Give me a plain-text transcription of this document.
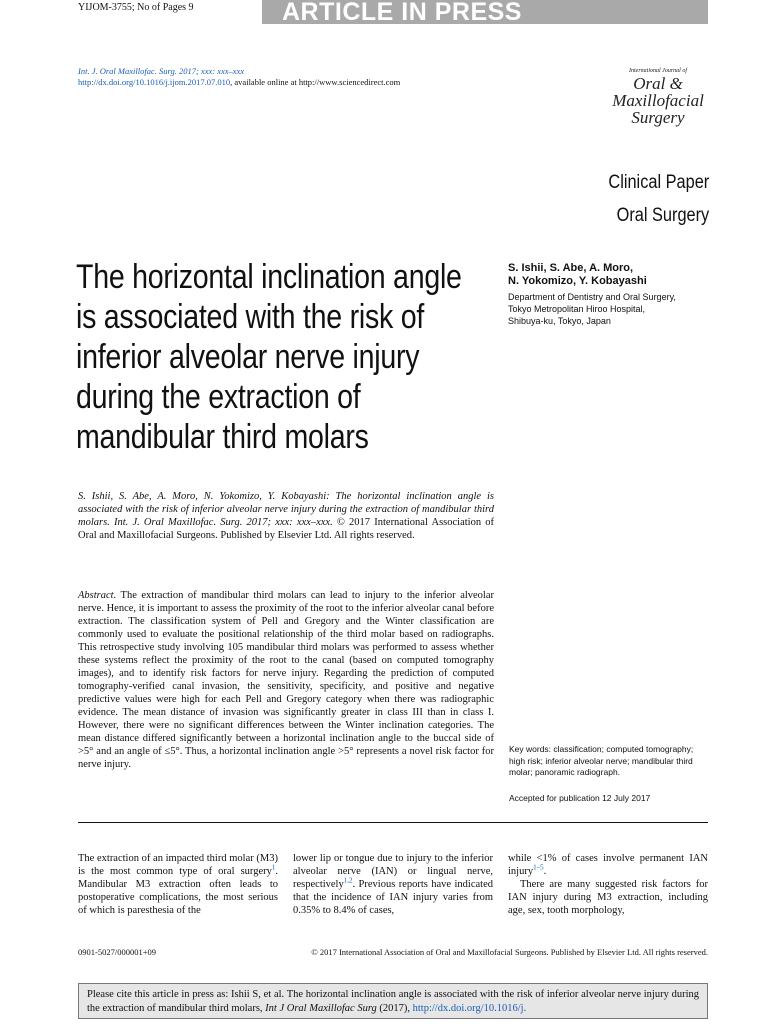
YIJOM-3755; No of Pages 9	ARTICLE IN PRESS
Int. J. Oral Maxillofac. Surg. 2017; xxx: xxx–xxx
http://dx.doi.org/10.1016/j.ijom.2017.07.010, available online at http://www.sciencedirect.com
International Journal of
Oral &
Maxillofacial
Surgery
Clinical Paper
Oral Surgery
The horizontal inclination angle is associated with the risk of inferior alveolar nerve injury during the extraction of mandibular third molars
S. Ishii, S. Abe, A. Moro,
N. Yokomizo, Y. Kobayashi
Department of Dentistry and Oral Surgery,
Tokyo Metropolitan Hiroo Hospital,
Shibuya-ku, Tokyo, Japan
S. Ishii, S. Abe, A. Moro, N. Yokomizo, Y. Kobayashi: The horizontal inclination angle is associated with the risk of inferior alveolar nerve injury during the extraction of mandibular third molars. Int. J. Oral Maxillofac. Surg. 2017; xxx: xxx–xxx. © 2017 International Association of Oral and Maxillofacial Surgeons. Published by Elsevier Ltd. All rights reserved.
Abstract. The extraction of mandibular third molars can lead to injury to the inferior alveolar nerve. Hence, it is important to assess the proximity of the root to the inferior alveolar canal before extraction. The classification system of Pell and Gregory and the Winter classification are commonly used to evaluate the positional relationship of the third molar based on radiographs. This retrospective study involving 105 mandibular third molars was performed to assess whether these systems reflect the proximity of the root to the canal (based on computed tomography images), and to identify risk factors for nerve injury. Regarding the prediction of computed tomography-verified canal invasion, the sensitivity, specificity, and positive and negative predictive values were high for each Pell and Gregory category when there was radiographic evidence. The mean distance of invasion was significantly greater in class III than in class I. However, there were no significant differences between the Winter inclination categories. The mean distance differed significantly between a horizontal inclination angle to the buccal side of >5° and an angle of ≤5°. Thus, a horizontal inclination angle >5° represents a novel risk factor for nerve injury.
Key words: classification; computed tomography; high risk; inferior alveolar nerve; mandibular third molar; panoramic radiograph.
Accepted for publication 12 July 2017
The extraction of an impacted third molar (M3) is the most common type of oral surgery$^1$. Mandibular M3 extraction often leads to postoperative complications, the most serious of which is paresthesia of the
lower lip or tongue due to injury to the inferior alveolar nerve (IAN) or lingual nerve, respectively$^{1,2}$. Previous reports have indicated that the incidence of IAN injury varies from 0.35% to 8.4% of cases,
while <1% of cases involve permanent IAN injury$^{1-5}$.
There are many suggested risk factors for IAN injury during M3 extraction, including age, sex, tooth morphology,
0901-5027/000001+09	© 2017 International Association of Oral and Maxillofacial Surgeons. Published by Elsevier Ltd. All rights reserved.
Please cite this article in press as: Ishii S, et al. The horizontal inclination angle is associated with the risk of inferior alveolar nerve injury during the extraction of mandibular third molars, Int J Oral Maxillofac Surg (2017), http://dx.doi.org/10.1016/j.
